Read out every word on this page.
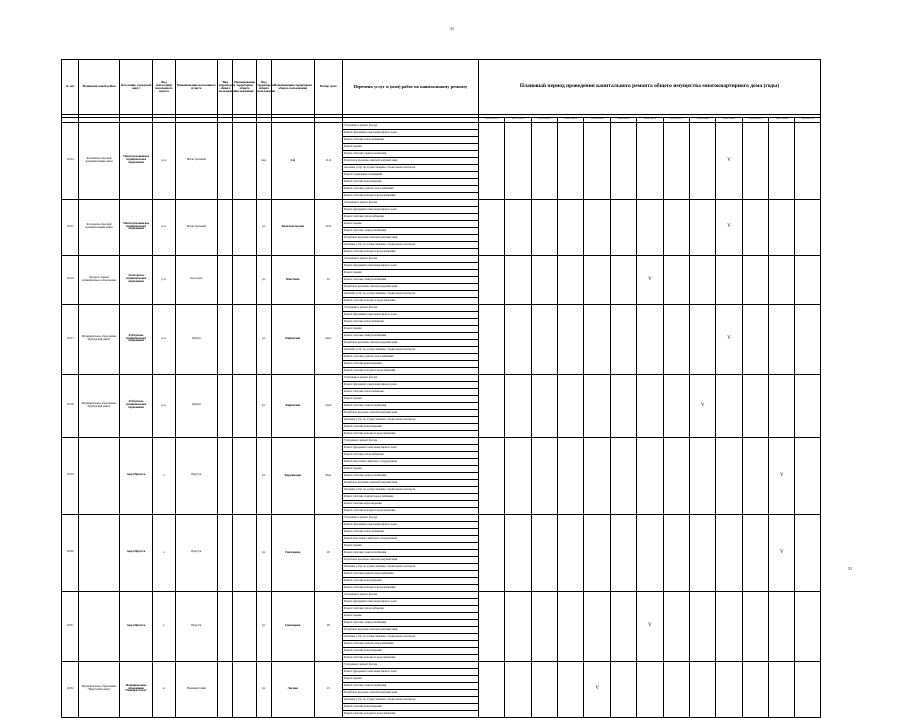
31
31
№ п/п	Муниципальный район	Поселение, городской округ	Вид (категория) населенного пункта	Наименование населенного пункта	Вид территории общего пользования	Наименование территории общего пользования	Вид территории общего пользования	Наименование территории общего пользования	Номер дома	Перечень услуг и (или) работ по капитальному ремонту	Плановый период проведения капитального ремонта общего имущества многоквартирного дома (годы)												

											2014-2016	2017-2019	2020-2022	2023-2025	2026-2028	2029-2031	2032-2034	2035-2037	2038-2040	2041-2043	2044-2046	2047-2049	2050-2052
14514	Казачинско-Ленский муниципальный район	Магистральнинское муниципальное образование	р.п.	Магистральный			пер.	2-й	11/4	Утепление и ремонт фасада										V			
										Ремонт фундамента многоквартирного дома													
										Ремонт системы теплоснабжения													
										Ремонт крыши													
										Ремонт системы электроснабжения													
										Разработка проектно-сметной документации													
										Оказание услуг по осуществлению строительного контроля													
										Ремонт подвальных помещений													
										Ремонт системы водоотведения													
										Ремонт системы горячего водоснабжения													
										Ремонт системы холодного водоснабжения													
14515	Казачинско-Ленский муниципальный район	Магистральнинское муниципальное образование	р.п.	Магистральный			ул.	Комсомольская	32/2	Утепление и ремонт фасада										V			
										Ремонт фундамента многоквартирного дома													
										Ремонт системы теплоснабжения													
										Ремонт крыши													
										Ремонт системы электроснабжения													
										Разработка проектно-сметной документации													
										Оказание услуг по осуществлению строительного контроля													
										Ремонт системы холодного водоснабжения													
14516	Чунского района муниципальное образование	Лесогорское муниципальное образование	р.п.	Лесогорск			ул.	Шастина	12	Утепление и ремонт фасада							V						
										Ремонт фундамента многоквартирного дома													
										Ремонт крыши													
										Ремонт системы электроснабжения													
										Разработка проектно-сметной документации													
										Оказание услуг по осуществлению строительного контроля													
										Ремонт системы холодного водоснабжения													
14517	Муниципальное образование "Куйтунский район"	Куйтунское муниципальное образование	р.п.	Куйтун			ул.	Кирпична	4А/1	Утепление и ремонт фасада										V			
										Ремонт фундамента многоквартирного дома													
										Ремонт системы теплоснабжения													
										Ремонт крыши													
										Ремонт системы электроснабжения													
										Разработка проектно-сметной документации													
										Оказание услуг по осуществлению строительного контроля													
										Ремонт системы горячего водоснабжения													
										Ремонт системы водоотведения													
										Ремонт системы холодного водоснабжения													
14518	Муниципальное образование "Куйтунский район"	Куйтунское муниципальное образование	р.п.	Куйтун			ул.	Кирпична	4А/2	Утепление и ремонт фасада									V				
										Ремонт фундамента многоквартирного дома													
										Ремонт системы теплоснабжения													
										Ремонт крыши													
										Ремонт системы электроснабжения													
										Разработка проектно-сметной документации													
										Оказание услуг по осуществлению строительного контроля													
										Ремонт системы водоотведения													
										Ремонт системы холодного водоснабжения													
14519		город Иркутск	г.	Иркутск			ул.	Баррикады	49А	Утепление и ремонт фасада												V	
										Ремонт фундамента многоквартирного дома													
										Ремонт системы теплоснабжения													
										Ремонт или замена лифтового оборудования													
										Ремонт крыши													
										Ремонт системы электроснабжения													
										Разработка проектно-сметной документации													
										Оказание услуг по осуществлению строительного контроля													
										Ремонт системы горячего водоснабжения													
										Ремонт системы водоотведения													
										Ремонт системы холодного водоснабжения													
14530		город Иркутск	г.	Иркутск			ул.	Гончарова	10	Утепление и ремонт фасада												V	
										Ремонт фундамента многоквартирного дома													
										Ремонт системы теплоснабжения													
										Ремонт или замена лифтового оборудования													
										Ремонт крыши													
										Ремонт системы электроснабжения													
										Разработка проектно-сметной документации													
										Оказание услуг по осуществлению строительного контроля													
										Ремонт системы горячего водоснабжения													
										Ремонт системы водоотведения													
										Ремонт системы холодного водоснабжения													
14531		город Иркутск	г.	Иркутск			ул.	Гончарова	18	Утепление и ремонт фасада							V						
										Ремонт фундамента многоквартирного дома													
										Ремонт системы теплоснабжения													
										Ремонт крыши													
										Ремонт системы электроснабжения													
										Разработка проектно-сметной документации													
										Оказание услуг по осуществлению строительного контроля													
										Ремонт системы горячего водоснабжения													
										Ремонт системы водоотведения													
										Ремонт системы холодного водоснабжения													
14532	Муниципальное образование "Иркутский район"	Муниципальное образование "Новоиркутское"	п.	Новоиркутский			ул.	Лесная	15	Утепление и ремонт фасада					V								
										Ремонт фундамента многоквартирного дома													
										Ремонт крыши													
										Ремонт системы электроснабжения													
										Разработка проектно-сметной документации													
										Оказание услуг по осуществлению строительного контроля													
										Ремонт системы водоотведения													
										Ремонт системы холодного водоснабжения													
